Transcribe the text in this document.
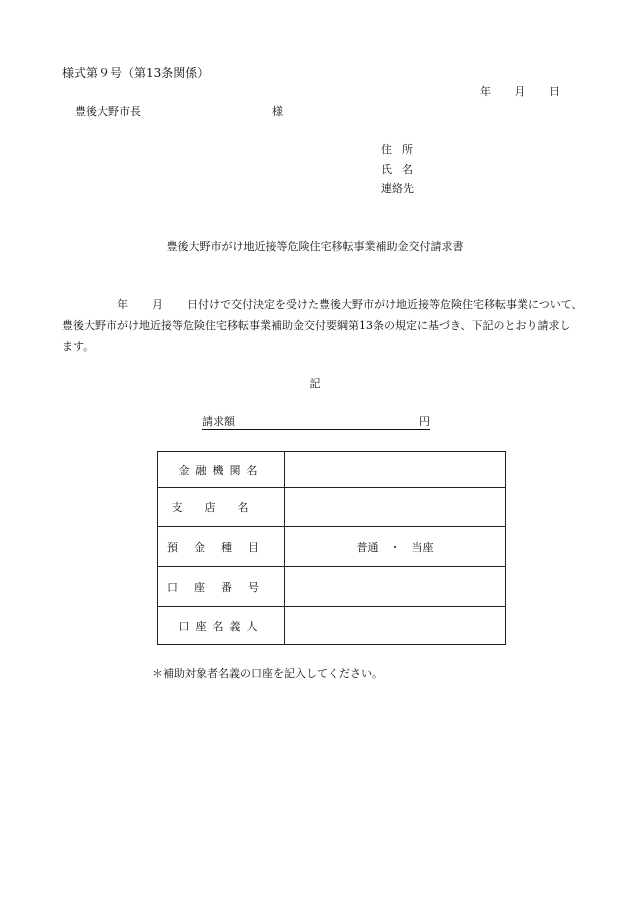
様式第９号（第13条関係）
年 月 日
豊後大野市長	様
住所
氏名
連絡先
豊後大野市がけ地近接等危険住宅移転事業補助金交付請求書
年 月 日付けで交付決定を受けた豊後大野市がけ地近接等危険住宅移転事業について、
豊後大野市がけ地近接等危険住宅移転事業補助金交付要綱第13条の規定に基づき、下記のとおり請求し
ます。
記
請求額	円
金融機関名	
支店名	
預金種目	普通　・　当座
口座番号	
口座名義人	
＊補助対象者名義の口座を記入してください。
